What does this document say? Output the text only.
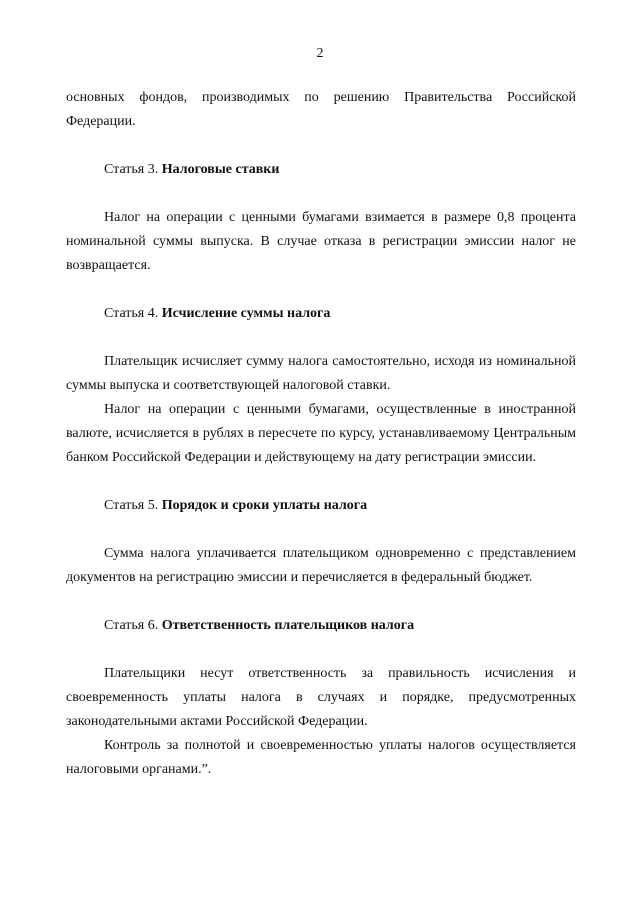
2

основных фондов, производимых по решению Правительства Российской Федерации.

Статья 3. Налоговые ставки

Налог на операции с ценными бумагами взимается в размере 0,8 процента номинальной суммы выпуска. В случае отказа в регистрации эмиссии налог не возвращается.

Статья 4. Исчисление суммы налога

Плательщик исчисляет сумму налога самостоятельно, исходя из номинальной суммы выпуска и соответствующей налоговой ставки.

Налог на операции с ценными бумагами, осуществленные в иностранной валюте, исчисляется в рублях в пересчете по курсу, устанавливаемому Центральным банком Российской Федерации и действующему на дату регистрации эмиссии.

Статья 5. Порядок и сроки уплаты налога

Сумма налога уплачивается плательщиком одновременно с представлением документов на регистрацию эмиссии и перечисляется в федеральный бюджет.

Статья 6. Ответственность плательщиков налога

Плательщики несут ответственность за правильность исчисления и своевременность уплаты налога в случаях и порядке, предусмотренных законодательными актами Российской Федерации.

Контроль за полнотой и своевременностью уплаты налогов осуществляется налоговыми органами.”.
